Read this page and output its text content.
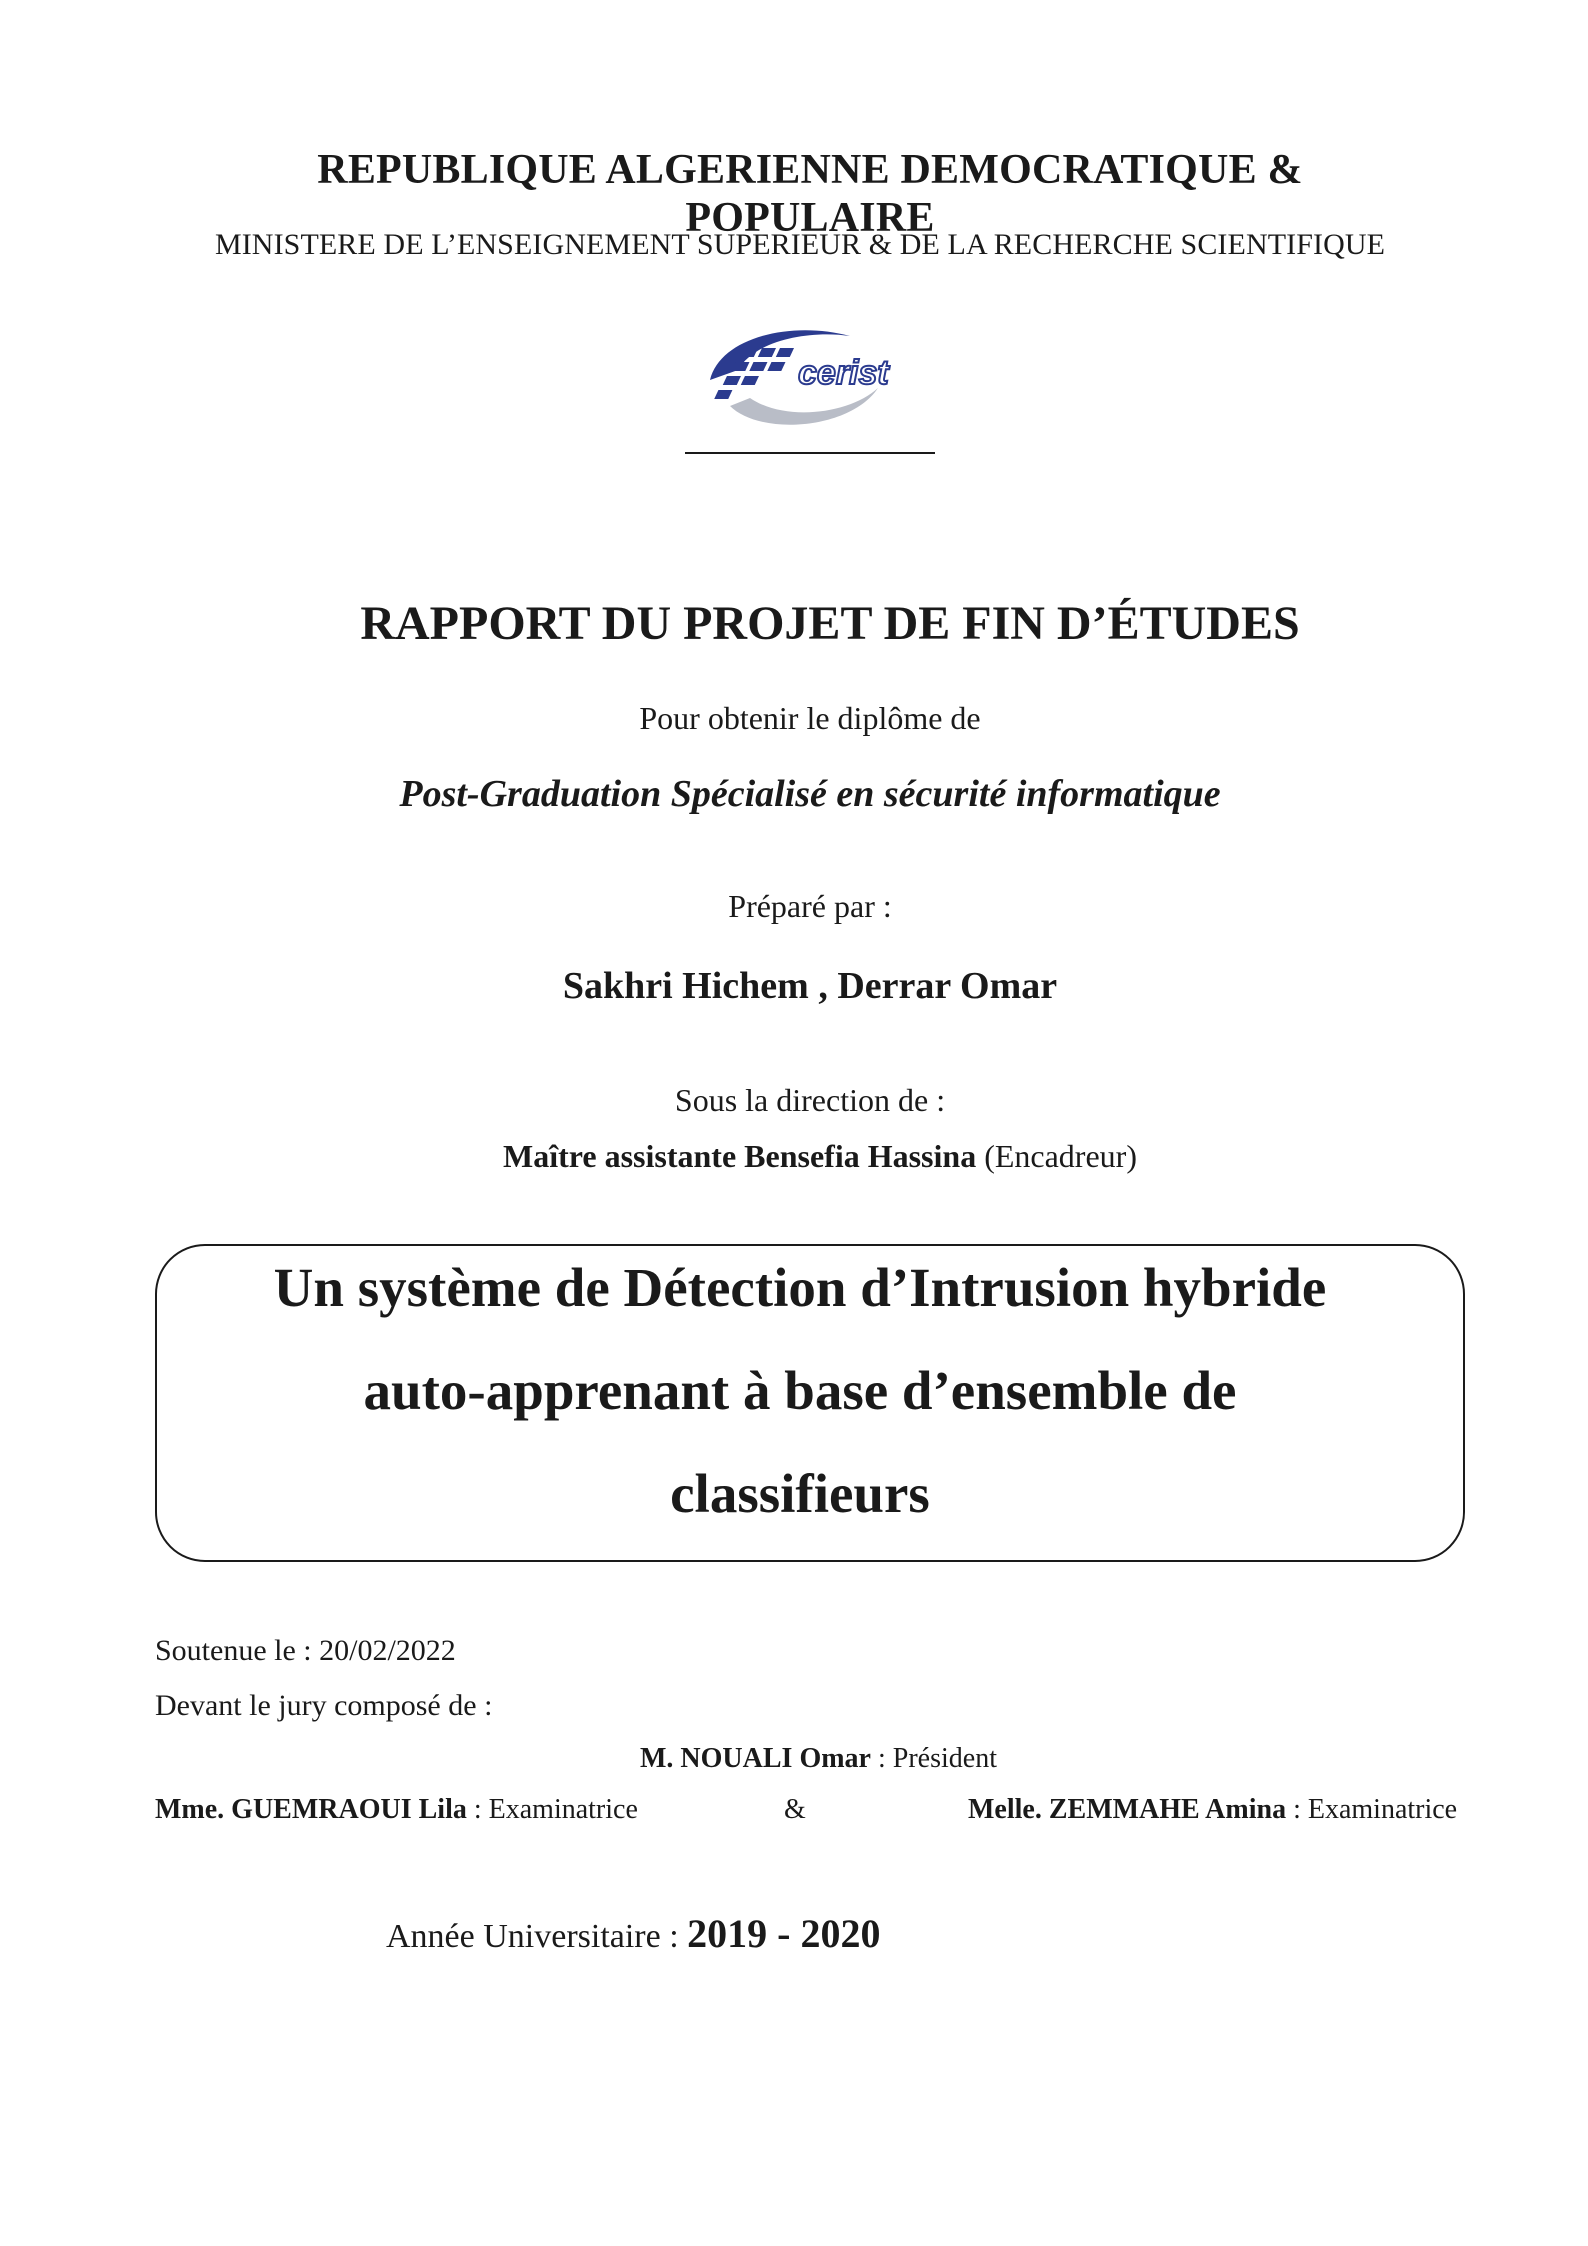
REPUBLIQUE ALGERIENNE DEMOCRATIQUE & POPULAIRE
MINISTERE DE L’ENSEIGNEMENT SUPERIEUR & DE LA RECHERCHE SCIENTIFIQUE
cerist
RAPPORT DU PROJET DE FIN D’ÉTUDES
Pour obtenir le diplôme de
Post-Graduation Spécialisé en sécurité informatique
Préparé par :
Sakhri Hichem , Derrar Omar
Sous la direction de :
Maître assistante Bensefia Hassina (Encadreur)
Un système de Détection d’Intrusion hybride
auto-apprenant à base d’ensemble de
classifieurs
Soutenue le : 20/02/2022
Devant le jury composé de :
M. NOUALI Omar : Président
Mme. GUEMRAOUI Lila : Examinatrice	&	Melle. ZEMMAHE Amina : Examinatrice
Année Universitaire : 2019 - 2020
